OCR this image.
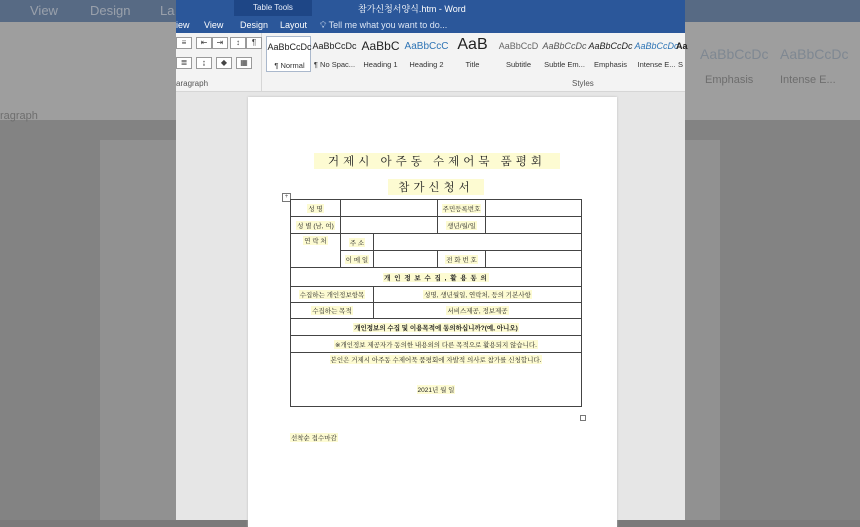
View Design La
AaBbCcDc AaBbCcDc
Emphasis Intense E...
ragraph
Table Tools	참가신청서양식.htm - Word
iew View Design Layout 💡︎ Tell me what you want to do...
≡	⇤	⇥	↕	¶
≣	↨	◆	▦
aragraph
AaBbCcDc
¶ Normal
AaBbCcDc
¶ No Spac...
AaBbC
Heading 1
AaBbCcC
Heading 2
AaB
Title
AaBbCcD
Subtitle
AaBbCcDc
Subtle Em...
AaBbCcDc
Emphasis
AaBbCcDc
Intense E...
Aa
S
Styles
거제시 아주동 수제어묵 품평회
참가신청서
+
성 명			주민등록번호	
성 별 (남, 여)			생년/월/일	
연 락 처	주 소			
	이 메 일		전 화 번 호	
개 인 정 보 수 집 , 활 용 동 의				
수집하는 개인정보항목		성명, 생년월일, 연락처, 등의 기본사항		
수집하는 목적		서비스제공, 정보제공		
개인정보의 수집 및 이용목적에 동의하십니까?(예, 아니오)				
※개인정보 제공자가 동의한 내용외의 다른 목적으로 활용되지 않습니다.				
본인은 거제시 아주동 수제어묵 품평회에 자발적 의사로 참가를 신청합니다.

2021년 월 일				
선착순 접수마감
